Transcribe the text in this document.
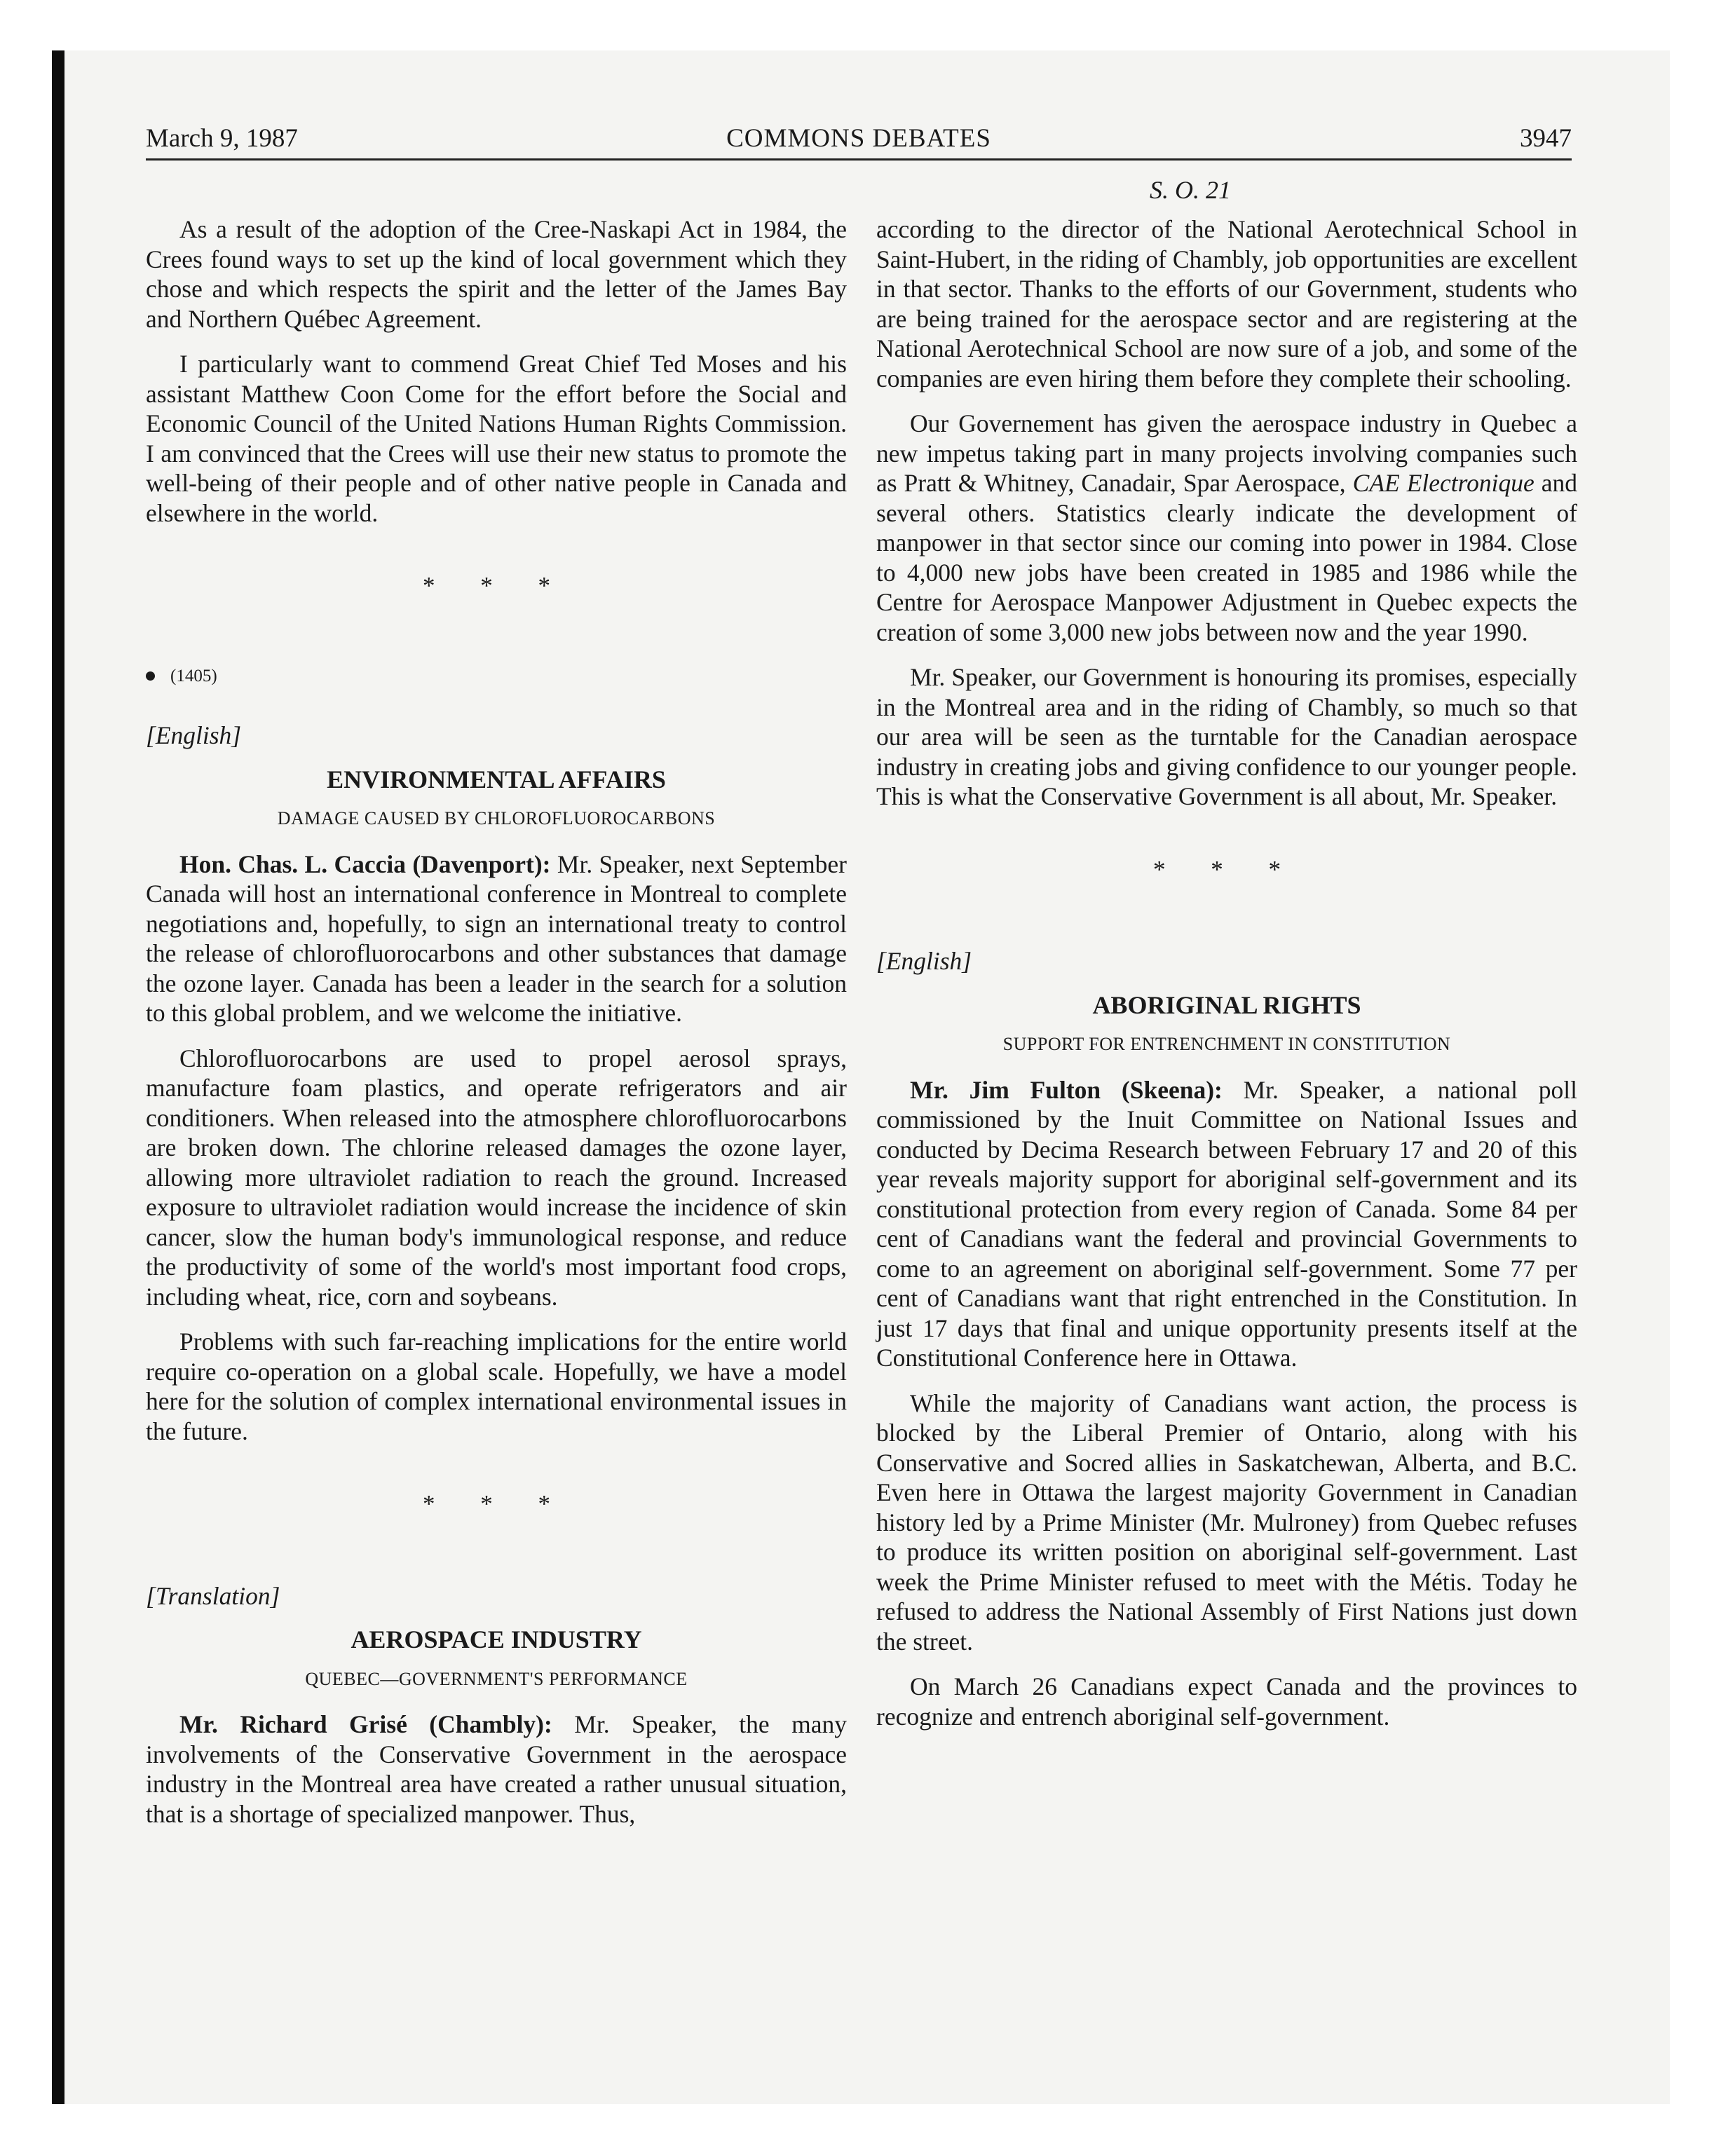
March 9, 1987	COMMONS DEBATES	3947
S. O. 21

As a result of the adoption of the Cree-Naskapi Act in 1984, the Crees found ways to set up the kind of local government which they chose and which respects the spirit and the letter of the James Bay and Northern Québec Agreement.

I particularly want to commend Great Chief Ted Moses and his assistant Matthew Coon Come for the effort before the Social and Economic Council of the United Nations Human Rights Commission. I am convinced that the Crees will use their new status to promote the well-being of their people and of other native people in Canada and elsewhere in the world.

* * *

(1405)

[English]

ENVIRONMENTAL AFFAIRS

DAMAGE CAUSED BY CHLOROFLUOROCARBONS

Hon. Chas. L. Caccia (Davenport): Mr. Speaker, next September Canada will host an international conference in Montreal to complete negotiations and, hopefully, to sign an international treaty to control the release of chlorofluorocarbons and other substances that damage the ozone layer. Canada has been a leader in the search for a solution to this global problem, and we welcome the initiative.

Chlorofluorocarbons are used to propel aerosol sprays, manufacture foam plastics, and operate refrigerators and air conditioners. When released into the atmosphere chlorofluorocarbons are broken down. The chlorine released damages the ozone layer, allowing more ultraviolet radiation to reach the ground. Increased exposure to ultraviolet radiation would increase the incidence of skin cancer, slow the human body's immunological response, and reduce the productivity of some of the world's most important food crops, including wheat, rice, corn and soybeans.

Problems with such far-reaching implications for the entire world require co-operation on a global scale. Hopefully, we have a model here for the solution of complex international environmental issues in the future.

* * *

[Translation]

AEROSPACE INDUSTRY

QUEBEC—GOVERNMENT'S PERFORMANCE

Mr. Richard Grisé (Chambly): Mr. Speaker, the many involvements of the Conservative Government in the aerospace industry in the Montreal area have created a rather unusual situation, that is a shortage of specialized manpower. Thus,

according to the director of the National Aerotechnical School in Saint-Hubert, in the riding of Chambly, job opportunities are excellent in that sector. Thanks to the efforts of our Government, students who are being trained for the aerospace sector and are registering at the National Aerotechnical School are now sure of a job, and some of the companies are even hiring them before they complete their schooling.

Our Governement has given the aerospace industry in Quebec a new impetus taking part in many projects involving companies such as Pratt & Whitney, Canadair, Spar Aerospace, CAE Electronique and several others. Statistics clearly indicate the development of manpower in that sector since our coming into power in 1984. Close to 4,000 new jobs have been created in 1985 and 1986 while the Centre for Aerospace Manpower Adjustment in Quebec expects the creation of some 3,000 new jobs between now and the year 1990.

Mr. Speaker, our Government is honouring its promises, especially in the Montreal area and in the riding of Chambly, so much so that our area will be seen as the turntable for the Canadian aerospace industry in creating jobs and giving confidence to our younger people. This is what the Conservative Government is all about, Mr. Speaker.

* * *

[English]

ABORIGINAL RIGHTS

SUPPORT FOR ENTRENCHMENT IN CONSTITUTION

Mr. Jim Fulton (Skeena): Mr. Speaker, a national poll commissioned by the Inuit Committee on National Issues and conducted by Decima Research between February 17 and 20 of this year reveals majority support for aboriginal self-government and its constitutional protection from every region of Canada. Some 84 per cent of Canadians want the federal and provincial Governments to come to an agreement on aboriginal self-government. Some 77 per cent of Canadians want that right entrenched in the Constitution. In just 17 days that final and unique opportunity presents itself at the Constitutional Conference here in Ottawa.

While the majority of Canadians want action, the process is blocked by the Liberal Premier of Ontario, along with his Conservative and Socred allies in Saskatchewan, Alberta, and B.C. Even here in Ottawa the largest majority Government in Canadian history led by a Prime Minister (Mr. Mulroney) from Quebec refuses to produce its written position on aboriginal self-government. Last week the Prime Minister refused to meet with the Métis. Today he refused to address the National Assembly of First Nations just down the street.

On March 26 Canadians expect Canada and the provinces to recognize and entrench aboriginal self-government.
